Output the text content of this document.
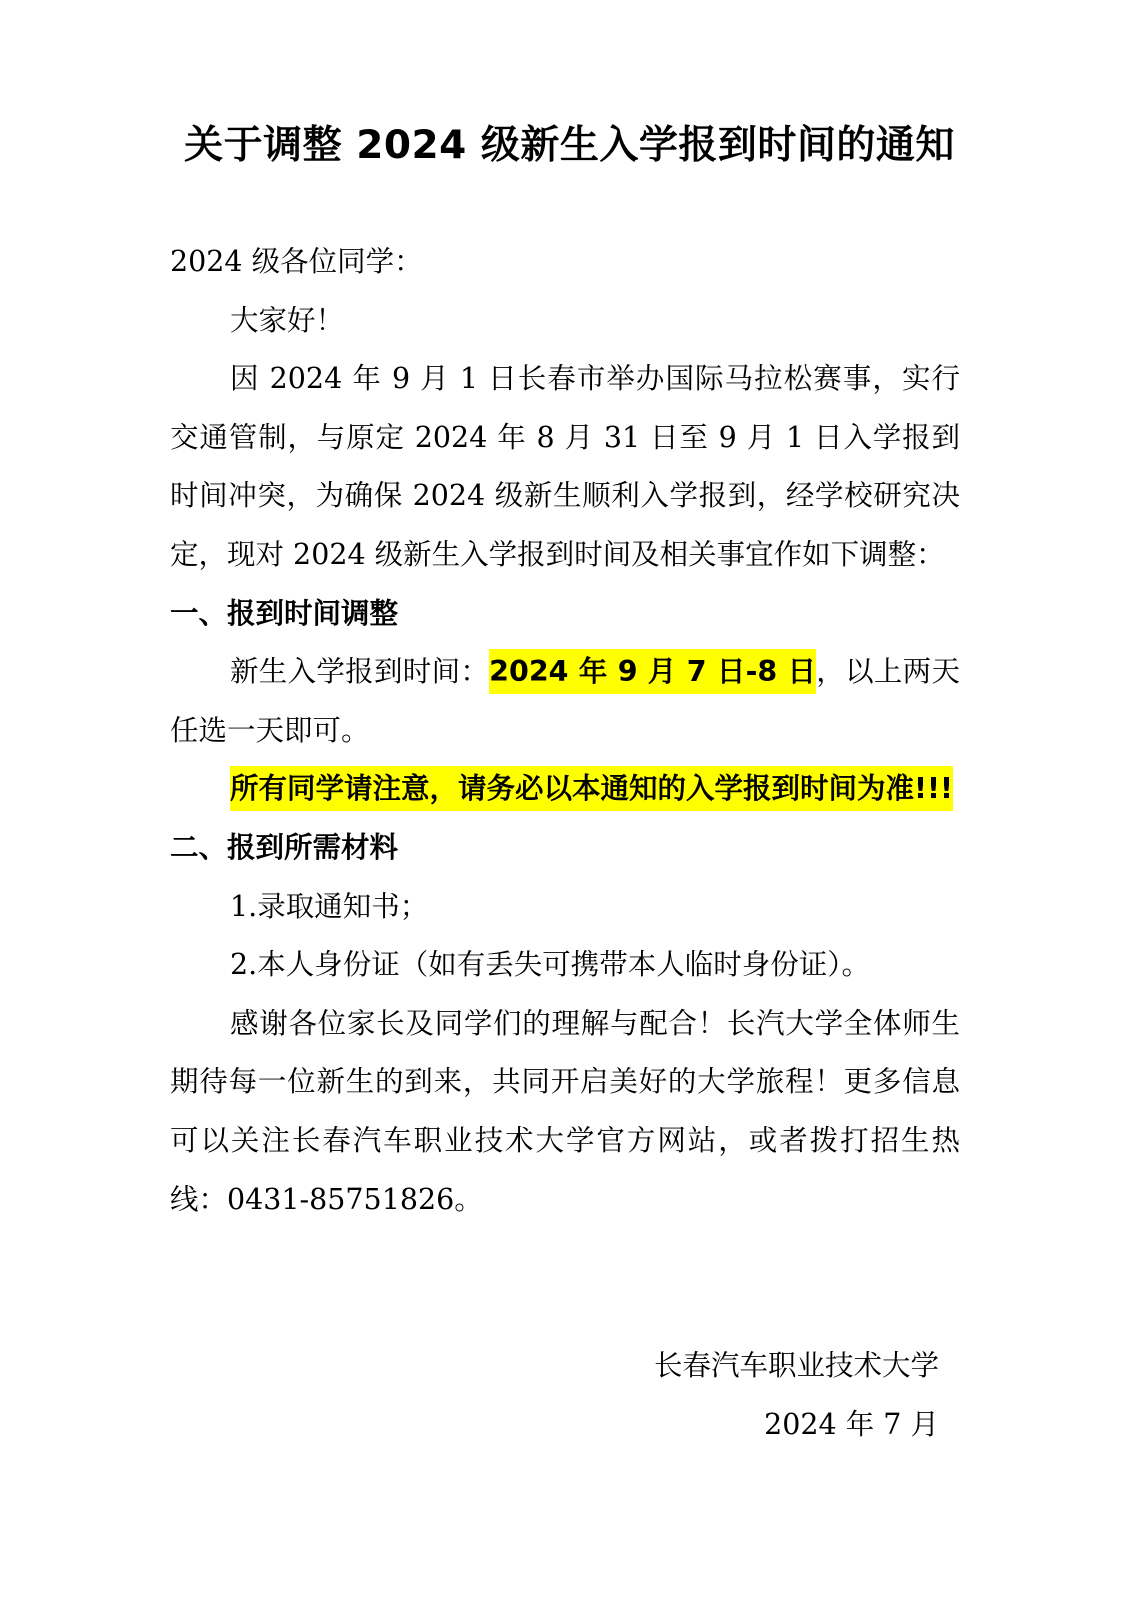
关于调整 2024 级新生入学报到时间的通知

2024 级各位同学：

大家好！

因 2024 年 9 月 1 日长春市举办国际马拉松赛事，实行交通管制，与原定 2024 年 8 月 31 日至 9 月 1 日入学报到时间冲突，为确保 2024 级新生顺利入学报到，经学校研究决定，现对 2024 级新生入学报到时间及相关事宜作如下调整：

一、报到时间调整

新生入学报到时间：2024 年 9 月 7 日-8 日，以上两天任选一天即可。

所有同学请注意，请务必以本通知的入学报到时间为准!!!

二、报到所需材料

1.录取通知书；

2.本人身份证（如有丢失可携带本人临时身份证）。

感谢各位家长及同学们的理解与配合！长汽大学全体师生期待每一位新生的到来，共同开启美好的大学旅程！更多信息可以关注长春汽车职业技术大学官方网站，或者拨打招生热线：0431-85751826。

长春汽车职业技术大学
2024 年 7 月
